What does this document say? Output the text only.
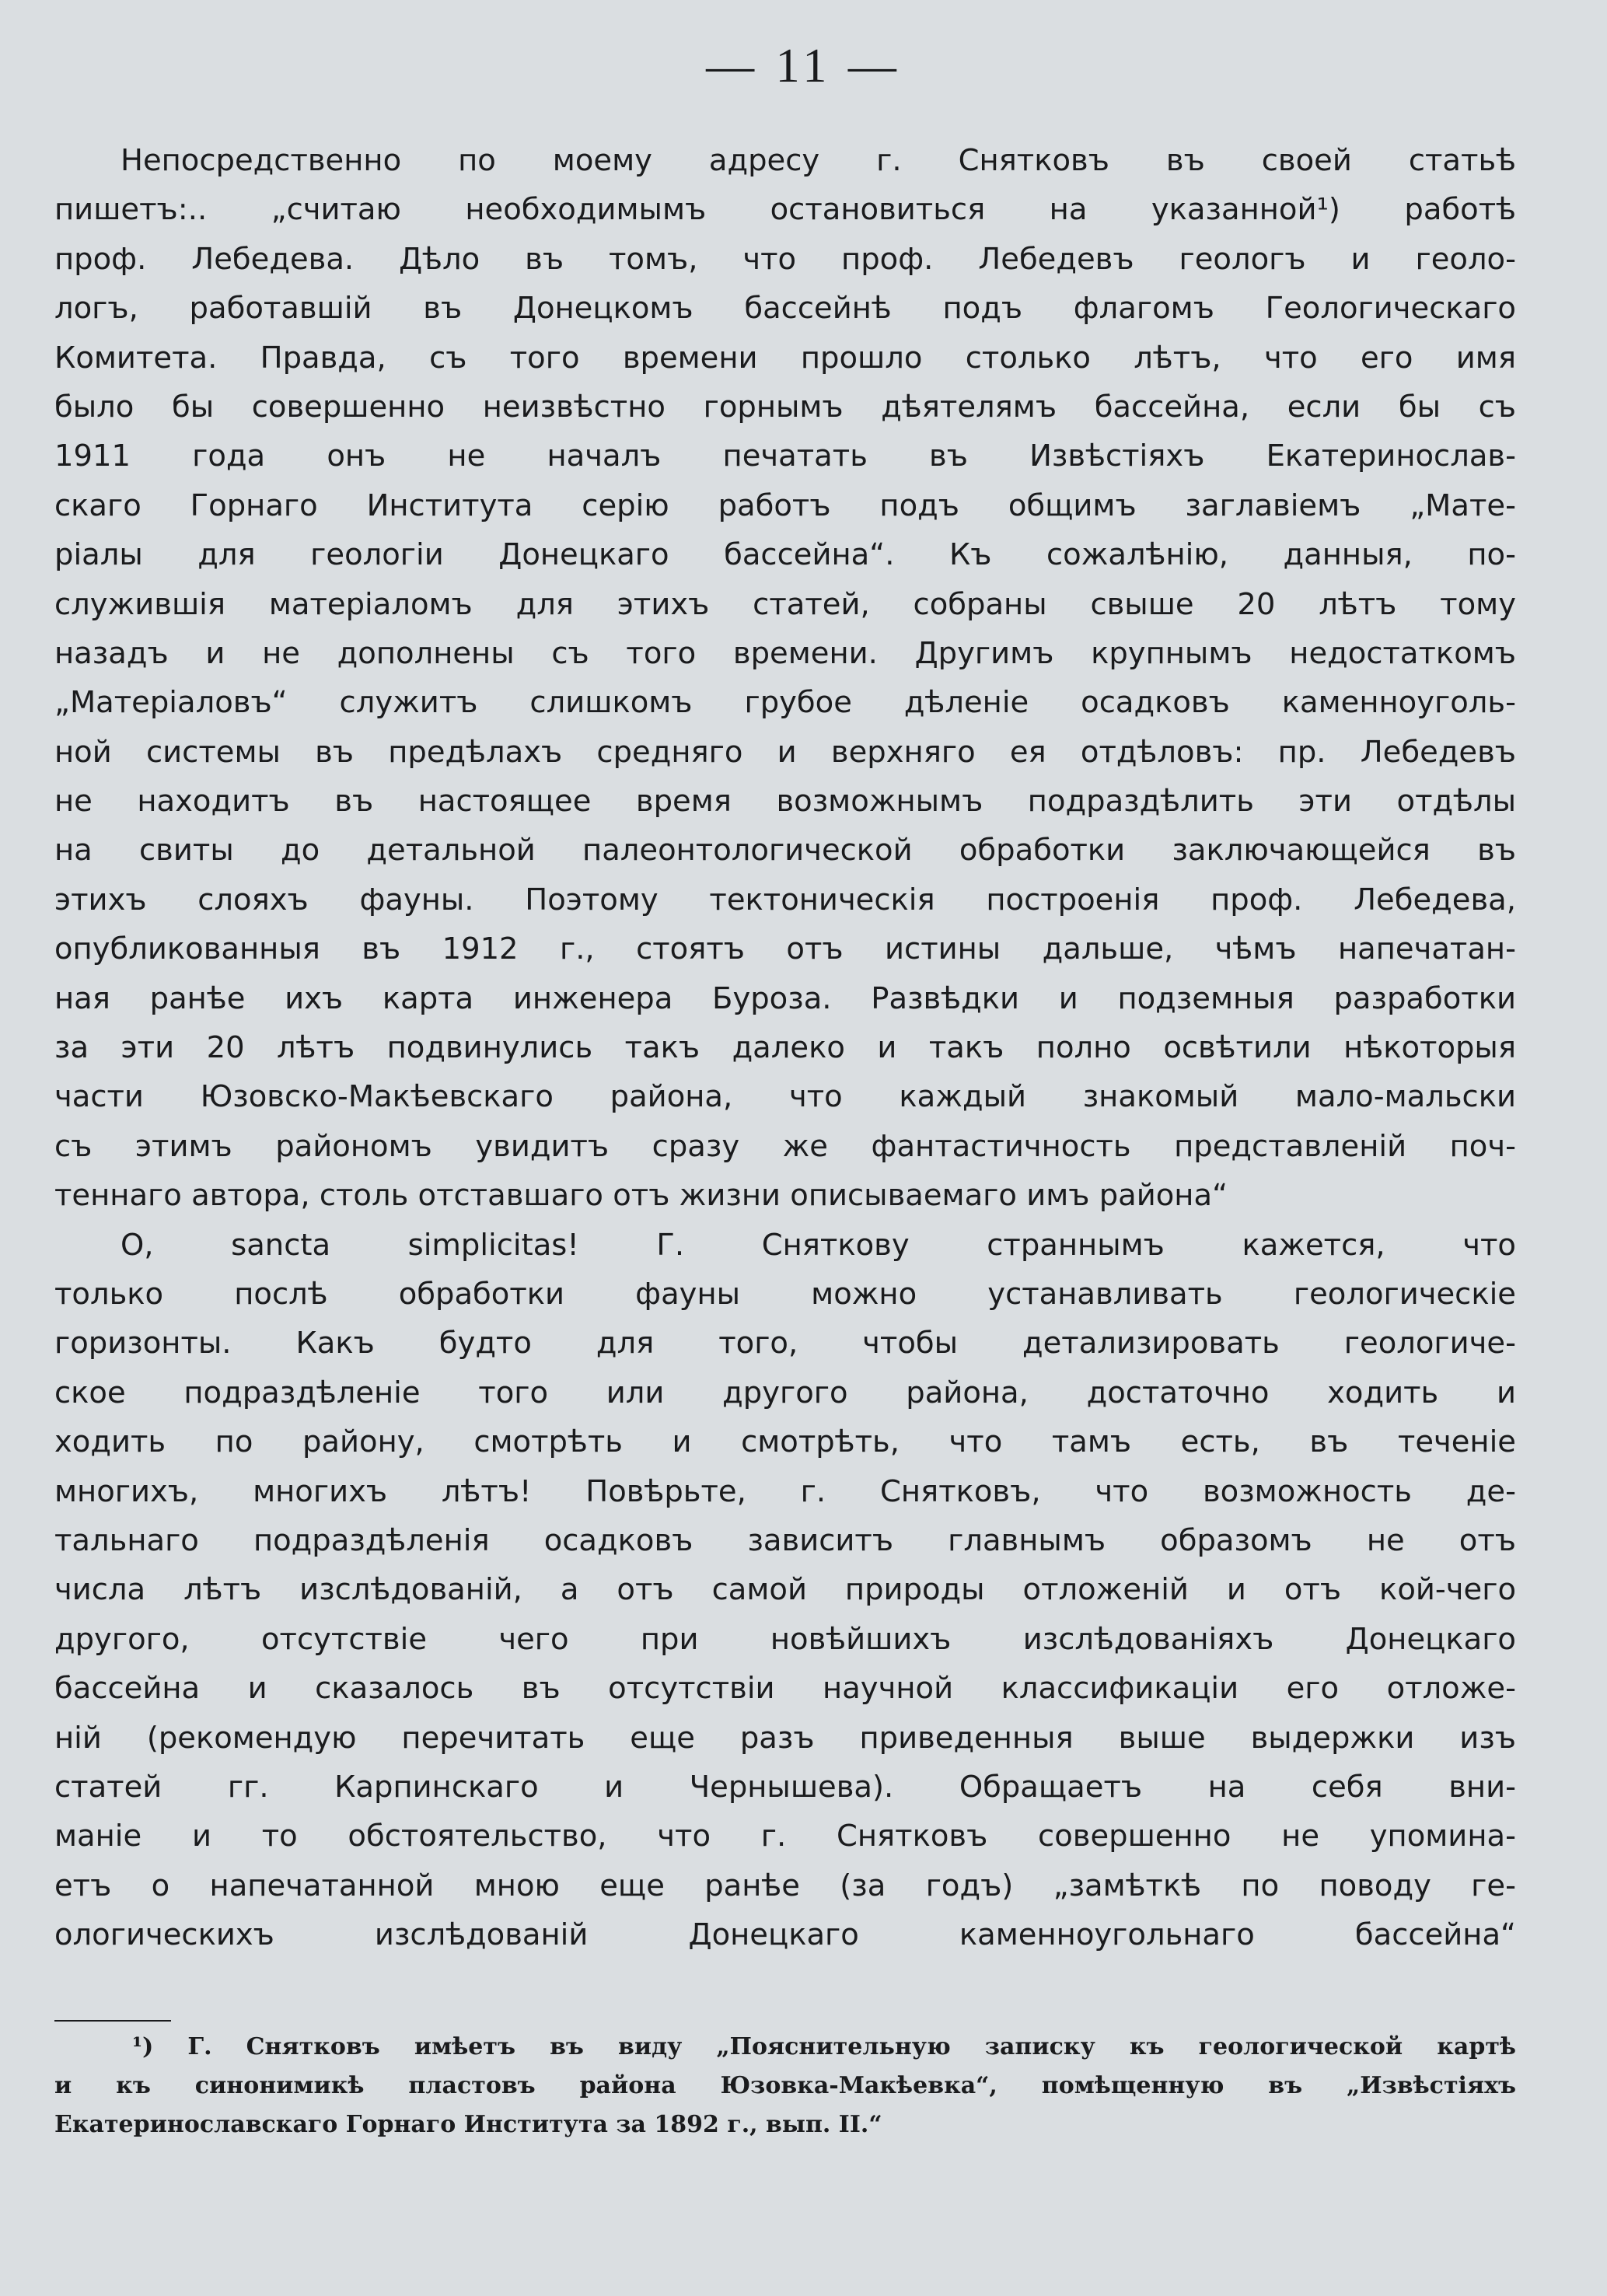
— 11 —
Непосредственно по моему адресу г. Снятковъ въ своей статьѣ
пишетъ:.. „считаю необходимымъ остановиться на указанной¹) работѣ
проф. Лебедева. Дѣло въ томъ, что проф. Лебедевъ геологъ и геоло-
логъ, работавшій въ Донецкомъ бассейнѣ подъ флагомъ Геологическаго
Комитета. Правда, съ того времени прошло столько лѣтъ, что его имя
было бы совершенно неизвѣстно горнымъ дѣятелямъ бассейна, если бы съ
1911 года онъ не началъ печатать въ Извѣстіяхъ Екатеринослав-
скаго Горнаго Института серію работъ подъ общимъ заглавіемъ „Мате-
ріалы для геологіи Донецкаго бассейна“. Къ сожалѣнію, данныя, по-
служившія матеріаломъ для этихъ статей, собраны свыше 20 лѣтъ тому
назадъ и не дополнены съ того времени. Другимъ крупнымъ недостаткомъ
„Матеріаловъ“ служитъ слишкомъ грубое дѣленіе осадковъ каменноуголь-
ной системы въ предѣлахъ средняго и верхняго ея отдѣловъ: пр. Лебедевъ
не находитъ въ настоящее время возможнымъ подраздѣлить эти отдѣлы
на свиты до детальной палеонтологической обработки заключающейся въ
этихъ слояхъ фауны. Поэтому тектоническія построенія проф. Лебедева,
опубликованныя въ 1912 г., стоятъ отъ истины дальше, чѣмъ напечатан-
ная ранѣе ихъ карта инженера Буроза. Развѣдки и подземныя разработки
за эти 20 лѣтъ подвинулись такъ далеко и такъ полно освѣтили нѣкоторыя
части Юзовско-Макѣевскаго района, что каждый знакомый мало-мальски
съ этимъ райономъ увидитъ сразу же фантастичность представленій поч-
теннаго автора, столь отставшаго отъ жизни описываемаго имъ района“
O, sancta simplicitas! Г. Сняткову страннымъ кажется, что
только послѣ обработки фауны можно устанавливать геологическіе
горизонты. Какъ будто для того, чтобы детализировать геологиче-
ское подраздѣленіе того или другого района, достаточно ходить и
ходить по району, смотрѣть и смотрѣть, что тамъ есть, въ теченіе
многихъ, многихъ лѣтъ! Повѣрьте, г. Снятковъ, что возможность де-
тальнаго подраздѣленія осадковъ зависитъ главнымъ образомъ не отъ
числа лѣтъ изслѣдованій, а отъ самой природы отложеній и отъ кой-чего
другого, отсутствіе чего при новѣйшихъ изслѣдованіяхъ Донецкаго
бассейна и сказалось въ отсутствіи научной классификаціи его отложе-
ній (рекомендую перечитать еще разъ приведенныя выше выдержки изъ
статей гг. Карпинскаго и Чернышева). Обращаетъ на себя вни-
маніе и то обстоятельство, что г. Снятковъ совершенно не упомина-
етъ о напечатанной мною еще ранѣе (за годъ) „замѣткѣ по поводу ге-
ологическихъ изслѣдованій Донецкаго каменноугольнаго бассейна“
¹) Г. Снятковъ имѣетъ въ виду „Пояснительную записку къ геологической картѣ
и къ синонимикѣ пластовъ района Юзовка-Макѣевка“, помѣщенную въ „Извѣстіяхъ
Екатеринославскаго Горнаго Института за 1892 г., вып. II.“
